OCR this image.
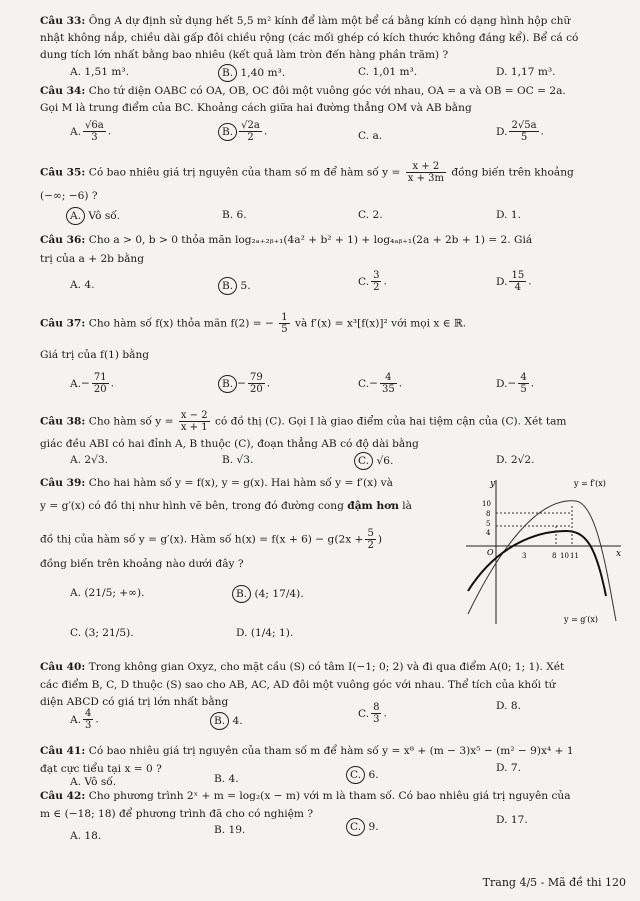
Câu 33: Ông A dự định sử dụng hết 5,5 m² kính để làm một bể cá bằng kính có dạng hình hộp chữ
nhật không nắp, chiều dài gấp đôi chiều rộng (các mối ghép có kích thước không đáng kể). Bể cá có
dung tích lớn nhất bằng bao nhiêu (kết quả làm tròn đến hàng phần trăm) ?
A. 1,51 m³.	B. 1,40 m³.	C. 1,01 m³.	D. 1,17 m³.
Câu 34: Cho tứ diện OABC có OA, OB, OC đôi một vuông góc với nhau, OA = a và OB = OC = 2a.
Gọi M là trung điểm của BC. Khoảng cách giữa hai đường thẳng OM và AB bằng
A. $\frac{√6a}{3}$ .	B. $\frac{√2a}{2}$ .	C. a.	D. $\frac{2√5a}{5}$ .
Câu 35: Có bao nhiêu giá trị nguyên của tham số m để hàm số $y = \frac{x + 2}{x + 3m}$ đồng biến trên khoảng
(−∞; −6) ?
A. Vô số.	B. 6.	C. 2.	D. 1.
Câu 36: Cho a > 0, b > 0 thỏa mãn log₂ₐ₊₂ᵦ₊₁(4a² + b² + 1) + log₄ₐᵦ₊₁(2a + 2b + 1) = 2. Giá
trị của a + 2b bằng
A. 4.	B. 5.	C. $\frac{3}{2}$ .	D. $\frac{15}{4}$ .
Câu 37: Cho hàm số f(x) thỏa mãn f(2) = − $\frac{1}{5}$ và f′(x) = x³[f(x)]² với mọi x ∈ ℝ.
Giá trị của f(1) bằng
$A.- \frac{71}{20}$ .	B. − $\frac{79}{20}$ .	$C.- \frac{4}{35}$ .	$D.- \frac{4}{5}$ .
Câu 38: Cho hàm số $y = \frac{x - 2}{x + 1}$ có đồ thị (C). Gọi I là giao điểm của hai tiệm cận của (C). Xét tam
giác đều ABI có hai đỉnh A, B thuộc (C), đoạn thẳng AB có độ dài bằng
A. 2√3.	B. √3.	C. √6.	D. 2√2.
Câu 39: Cho hai hàm số y = f(x), y = g(x). Hai hàm số y = f′(x) và
y = g′(x) có đồ thị như hình vẽ bên, trong đó đường cong đậm hơn là
đồ thị của hàm số y = g′(x). Hàm số $h(x) = f(x + 6) - g(2x + \frac{5}{2}$ )
đồng biến trên khoảng nào dưới đây ?
A. (21/5; +∞).	B. (4; 17/4).
C. (3; 21/5).	D. (1/4; 1).
y
x
y = f′(x)
y = g′(x)
O
10
8
5
4
3	8 10 11
Câu 40: Trong không gian Oxyz, cho mặt cầu (S) có tâm I(−1; 0; 2) và đi qua điểm A(0; 1; 1). Xét
các điểm B, C, D thuộc (S) sao cho AB, AC, AD đôi một vuông góc với nhau. Thể tích của khối tứ
diện ABCD có giá trị lớn nhất bằng
A. $\frac{4}{3}$ .	B. 4.
C. $\frac{8}{3}$ .
D. 8.
Câu 41: Có bao nhiêu giá trị nguyên của tham số m để hàm số y = x⁸ + (m − 3)x⁵ − (m² − 9)x⁴ + 1
đạt cực tiểu tại x = 0 ?
A. Vô số.	B. 4.	C. 6.
D. 7.
Câu 42: Cho phương trình 2ˣ + m = log₂(x − m) với m là tham số. Có bao nhiêu giá trị nguyên của
m ∈ (−18; 18) để phương trình đã cho có nghiệm ?
A. 18.	B. 19.	C. 9.
D. 17.
Trang 4/5 - Mã đề thi 120
